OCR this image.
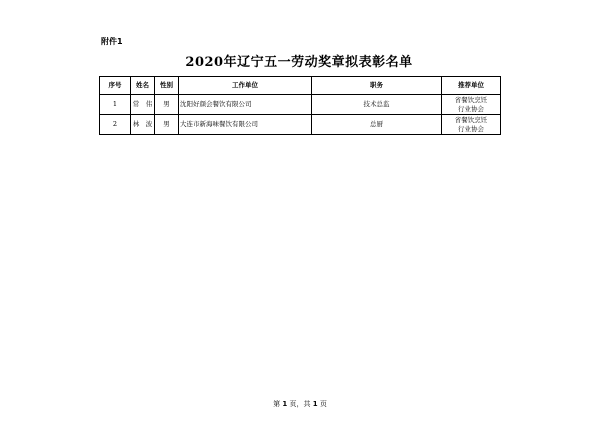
附件1
2020年辽宁五一劳动奖章拟表彰名单
序号	姓名	性别	工作单位	职务	推荐单位
1	常　伟	男	沈阳好颜会餐饮有限公司	技术总监	省餐饮烹饪
行业协会

2	林　波	男	大连市新海味餐饮有限公司	总厨	省餐饮烹饪
行业协会
第 1 页，共 1 页
